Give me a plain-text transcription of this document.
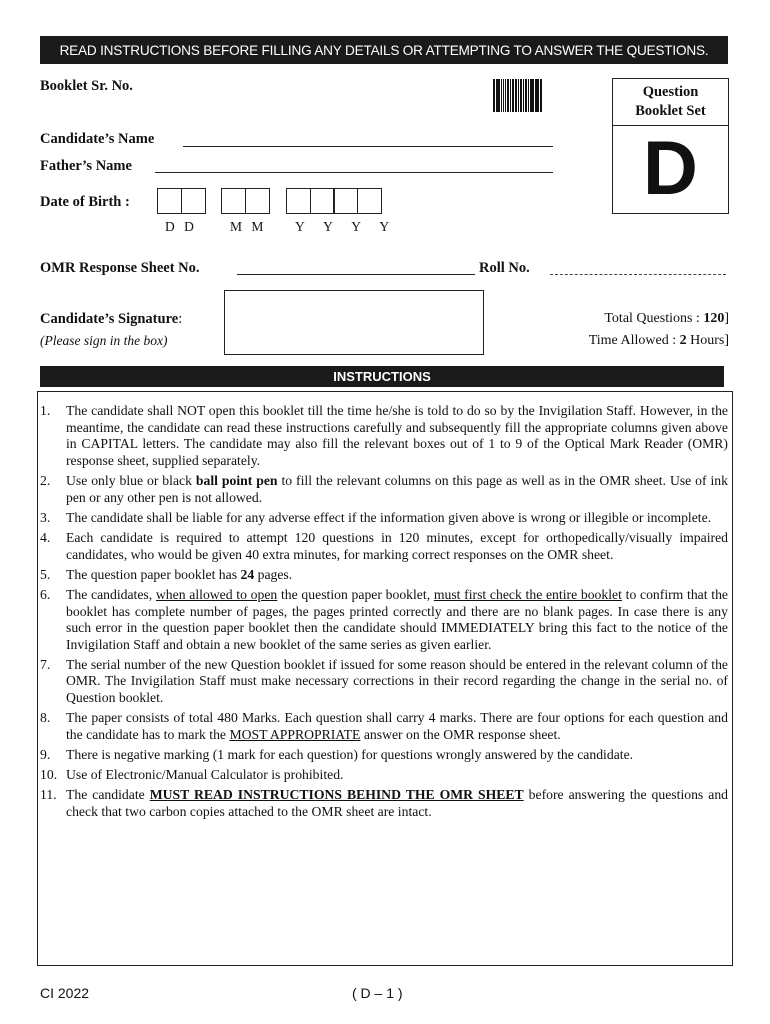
READ INSTRUCTIONS BEFORE FILLING ANY DETAILS OR ATTEMPTING TO ANSWER THE QUESTIONS.
Booklet Sr. No.	Question
Booklet Set
D
Candidate’s Name
Father’s Name
Date of Birth :
D D M M Y Y Y Y
OMR Response Sheet No.	Roll No.
Candidate’s Signature:
(Please sign in the box)
Total Questions : 120]
Time Allowed : 2 Hours]
INSTRUCTIONS
1.	The candidate shall NOT open this booklet till the time he/she is told to do so by the Invigilation Staff. However, in the meantime, the candidate can read these instructions carefully and subsequently fill the appropriate columns given above in CAPITAL letters. The candidate may also fill the relevant boxes out of 1 to 9 of the Optical Mark Reader (OMR) response sheet, supplied separately.
2.	Use only blue or black ball point pen to fill the relevant columns on this page as well as in the OMR sheet. Use of ink pen or any other pen is not allowed.
3.	The candidate shall be liable for any adverse effect if the information given above is wrong or illegible or incomplete.
4.	Each candidate is required to attempt 120 questions in 120 minutes, except for orthopedically/visually impaired candidates, who would be given 40 extra minutes, for marking correct responses on the OMR sheet.
5.	The question paper booklet has 24 pages.
6.	The candidates, when allowed to open the question paper booklet, must first check the entire booklet to confirm that the booklet has complete number of pages, the pages printed correctly and there are no blank pages. In case there is any such error in the question paper booklet then the candidate should IMMEDIATELY bring this fact to the notice of the Invigilation Staff and obtain a new booklet of the same series as given earlier.
7.	The serial number of the new Question booklet if issued for some reason should be entered in the relevant column of the OMR. The Invigilation Staff must make necessary corrections in their record regarding the change in the serial no. of Question booklet.
8.	The paper consists of total 480 Marks. Each question shall carry 4 marks. There are four options for each question and the candidate has to mark the MOST APPROPRIATE answer on the OMR response sheet.
9.	There is negative marking (1 mark for each question) for questions wrongly answered by the candidate.
10. Use of Electronic/Manual Calculator is prohibited.
11. The candidate MUST READ INSTRUCTIONS BEHIND THE OMR SHEET before answering the questions and check that two carbon copies attached to the OMR sheet are intact.
CI 2022	( D – 1 )
